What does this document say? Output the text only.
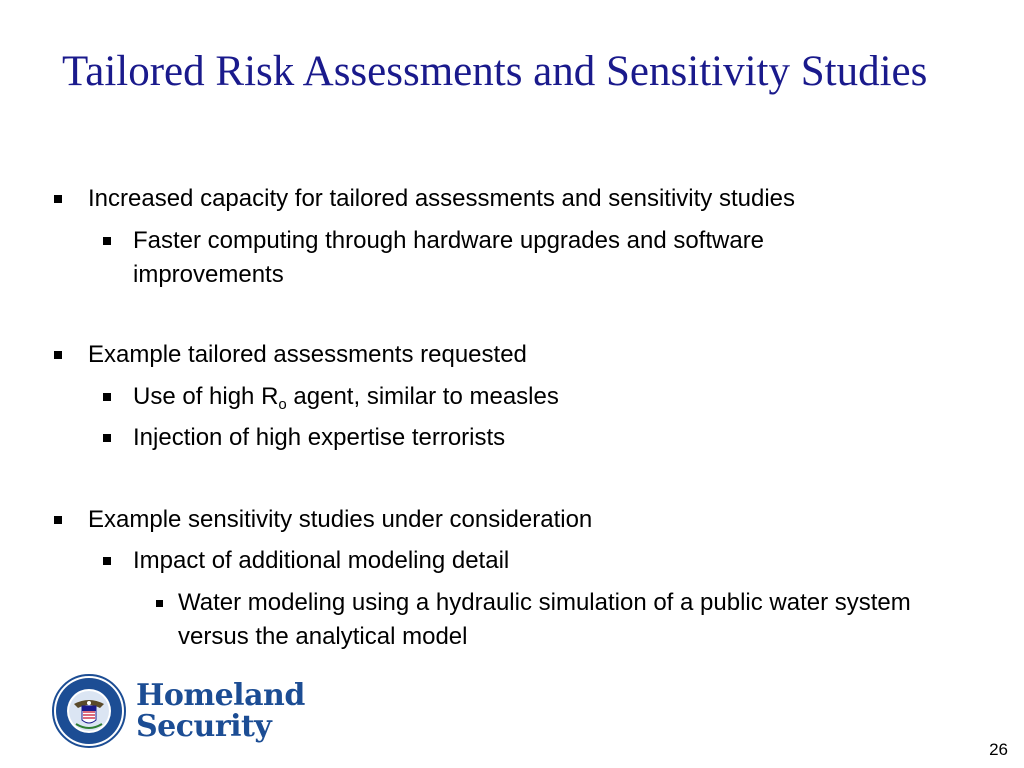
Tailored Risk Assessments and Sensitivity Studies
Increased capacity for tailored assessments and sensitivity studies
Faster computing through hardware upgrades and software improvements
Example tailored assessments requested
Use of high $R_o$ agent, similar to measles
Injection of high expertise terrorists
Example sensitivity studies under consideration
Impact of additional modeling detail
Water modeling using a hydraulic simulation of a public water system versus the analytical model
Homeland
Security
26
